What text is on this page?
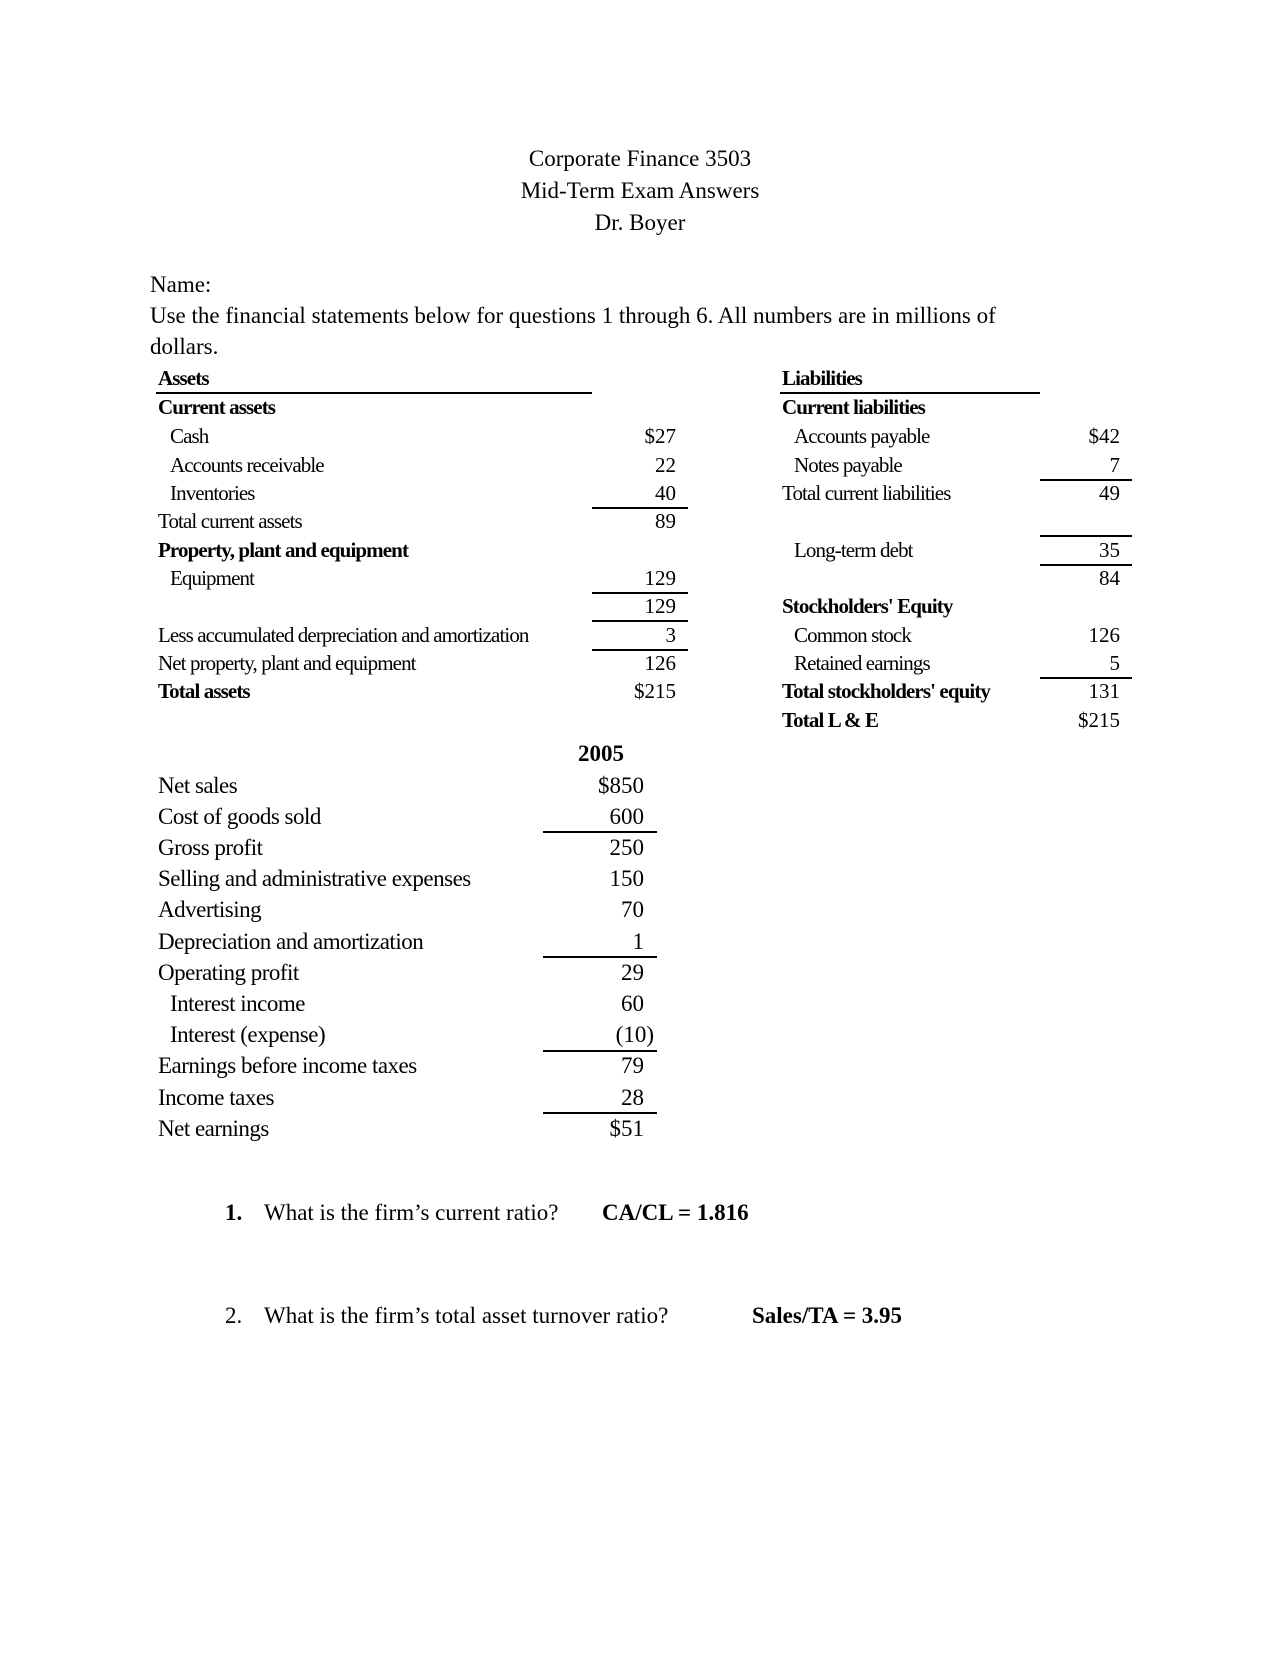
Corporate Finance 3503
Mid-Term Exam Answers
Dr. Boyer
Name:
Use the financial statements below for questions 1 through 6. All numbers are in millions of
dollars.
Assets
Current assets
Cash	$27
Accounts receivable	22
Inventories	40
Total current assets	89
Property, plant and equipment
Equipment	129
129
Less accumulated derpreciation and amortization	3
Net property, plant and equipment	126
Total assets	$215
Liabilities
Current liabilities
Accounts payable	$42
Notes payable	7
Total current liabilities	49
Long-term debt	35
84
Stockholders' Equity
Common stock	126
Retained earnings	5
Total stockholders' equity	131
Total L & E	$215
2005
Net sales	$850
Cost of goods sold	600
Gross profit	250
Selling and administrative expenses	150
Advertising	70
Depreciation and amortization	1
Operating profit	29
Interest income	60
Interest (expense)	(10)
Earnings before income taxes	79
Income taxes	28
Net earnings	$51
1. What is the firm’s current ratio? CA/CL = 1.816
2. What is the firm’s total asset turnover ratio?	Sales/TA = 3.95
